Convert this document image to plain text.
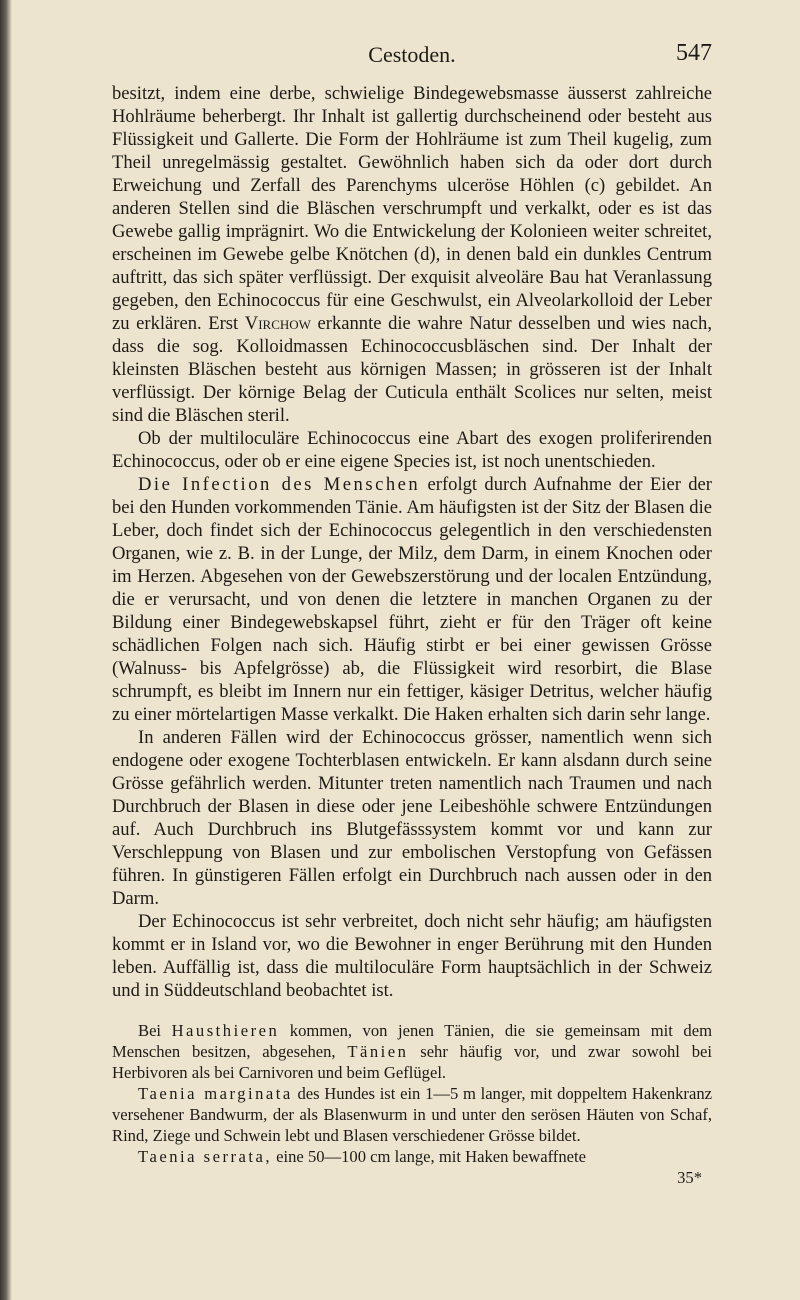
Cestoden.	547

besitzt, indem eine derbe, schwielige Bindegewebsmasse äusserst zahlreiche Hohlräume beherbergt. Ihr Inhalt ist gallertig durchscheinend oder besteht aus Flüssigkeit und Gallerte. Die Form der Hohlräume ist zum Theil kugelig, zum Theil unregelmässig gestaltet. Gewöhnlich haben sich da oder dort durch Erweichung und Zerfall des Parenchyms ulceröse Höhlen (c) gebildet. An anderen Stellen sind die Bläschen verschrumpft und verkalkt, oder es ist das Gewebe gallig imprägnirt. Wo die Entwickelung der Kolonieen weiter schreitet, erscheinen im Gewebe gelbe Knötchen (d), in denen bald ein dunkles Centrum auftritt, das sich später verflüssigt. Der exquisit alveoläre Bau hat Veranlassung gegeben, den Echinococcus für eine Geschwulst, ein Alveolarkolloid der Leber zu erklären. Erst Virchow erkannte die wahre Natur desselben und wies nach, dass die sog. Kolloidmassen Echinococcusbläschen sind. Der Inhalt der kleinsten Bläschen besteht aus körnigen Massen; in grösseren ist der Inhalt verflüssigt. Der körnige Belag der Cuticula enthält Scolices nur selten, meist sind die Bläschen steril.

Ob der multiloculäre Echinococcus eine Abart des exogen proliferirenden Echinococcus, oder ob er eine eigene Species ist, ist noch unentschieden.

Die Infection des Menschen erfolgt durch Aufnahme der Eier der bei den Hunden vorkommenden Tänie. Am häufigsten ist der Sitz der Blasen die Leber, doch findet sich der Echinococcus gelegentlich in den verschiedensten Organen, wie z. B. in der Lunge, der Milz, dem Darm, in einem Knochen oder im Herzen. Abgesehen von der Gewebszerstörung und der localen Entzündung, die er verursacht, und von denen die letztere in manchen Organen zu der Bildung einer Bindegewebskapsel führt, zieht er für den Träger oft keine schädlichen Folgen nach sich. Häufig stirbt er bei einer gewissen Grösse (Walnuss- bis Apfelgrösse) ab, die Flüssigkeit wird resorbirt, die Blase schrumpft, es bleibt im Innern nur ein fettiger, käsiger Detritus, welcher häufig zu einer mörtelartigen Masse verkalkt. Die Haken erhalten sich darin sehr lange.

In anderen Fällen wird der Echinococcus grösser, namentlich wenn sich endogene oder exogene Tochterblasen entwickeln. Er kann alsdann durch seine Grösse gefährlich werden. Mitunter treten namentlich nach Traumen und nach Durchbruch der Blasen in diese oder jene Leibeshöhle schwere Entzündungen auf. Auch Durchbruch ins Blutgefässsystem kommt vor und kann zur Verschleppung von Blasen und zur embolischen Verstopfung von Gefässen führen. In günstigeren Fällen erfolgt ein Durchbruch nach aussen oder in den Darm.

Der Echinococcus ist sehr verbreitet, doch nicht sehr häufig; am häufigsten kommt er in Island vor, wo die Bewohner in enger Berührung mit den Hunden leben. Auffällig ist, dass die multiloculäre Form hauptsächlich in der Schweiz und in Süddeutschland beobachtet ist.

Bei Hausthieren kommen, von jenen Tänien, die sie gemeinsam mit dem Menschen besitzen, abgesehen, Tänien sehr häufig vor, und zwar sowohl bei Herbivoren als bei Carnivoren und beim Geflügel.

Taenia marginata des Hundes ist ein 1—5 m langer, mit doppeltem Hakenkranz versehener Bandwurm, der als Blasenwurm in und unter den serösen Häuten von Schaf, Rind, Ziege und Schwein lebt und Blasen verschiedener Grösse bildet.

Taenia serrata, eine 50—100 cm lange, mit Haken bewaffnete

35*
